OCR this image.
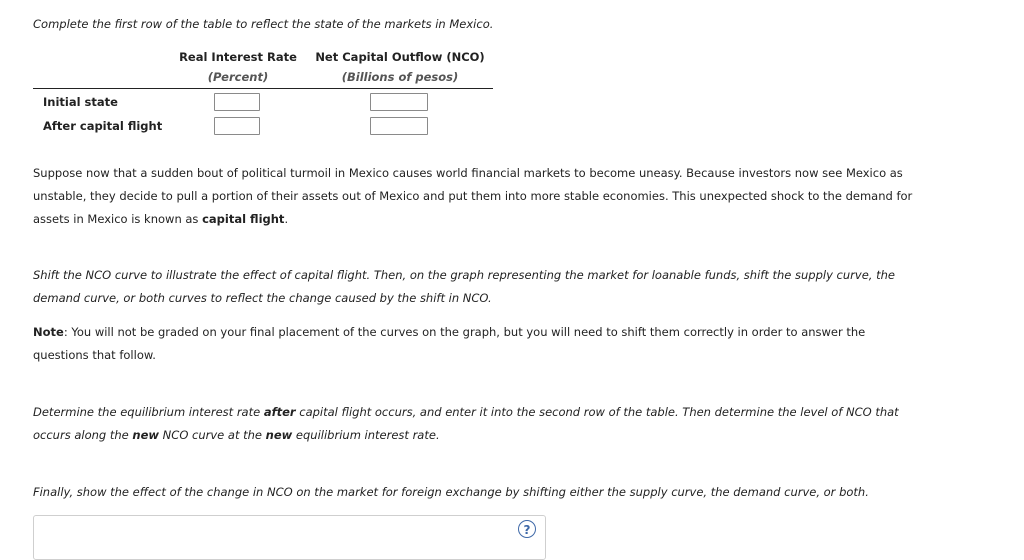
Complete the first row of the table to reflect the state of the markets in Mexico.

Real Interest Rate	Net Capital Outflow (NCO)
(Percent)	(Billions of pesos)
Initial state
After capital flight

Suppose now that a sudden bout of political turmoil in Mexico causes world financial markets to become uneasy. Because investors now see Mexico as unstable, they decide to pull a portion of their assets out of Mexico and put them into more stable economies. This unexpected shock to the demand for assets in Mexico is known as capital flight.

Shift the NCO curve to illustrate the effect of capital flight. Then, on the graph representing the market for loanable funds, shift the supply curve, the demand curve, or both curves to reflect the change caused by the shift in NCO.

Note: You will not be graded on your final placement of the curves on the graph, but you will need to shift them correctly in order to answer the questions that follow.

Determine the equilibrium interest rate after capital flight occurs, and enter it into the second row of the table. Then determine the level of NCO that occurs along the new NCO curve at the new equilibrium interest rate.

Finally, show the effect of the change in NCO on the market for foreign exchange by shifting either the supply curve, the demand curve, or both.

?
